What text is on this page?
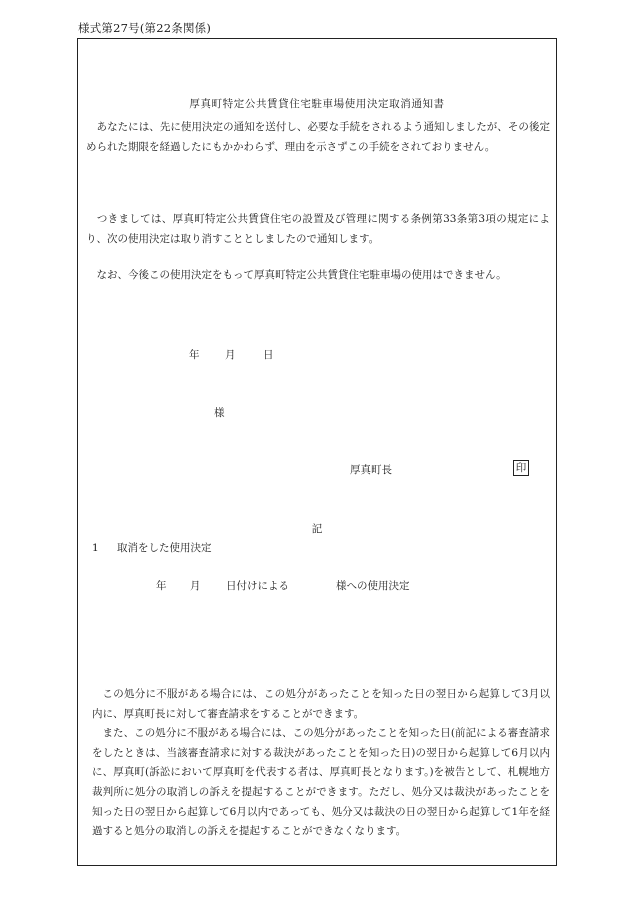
様式第27号(第22条関係)
厚真町特定公共賃貸住宅駐車場使用決定取消通知書
　あなたには、先に使用決定の通知を送付し、必要な手続をされるよう通知しましたが、その後定められた期限を経過したにもかかわらず、理由を示さずこの手続をされておりません。
　つきましては、厚真町特定公共賃貸住宅の設置及び管理に関する条例第33条第3項の規定により、次の使用決定は取り消すこととしましたので通知します。
　なお、今後この使用決定をもって厚真町特定公共賃貸住宅駐車場の使用はできません。
年 月	日
様
厚真町長	印
記
1 取消をした使用決定
年 月 日付けによる	様への使用決定

この処分に不服がある場合には、この処分があったことを知った日の翌日から起算して3月以内に、厚真町長に対して審査請求をすることができます。

また、この処分に不服がある場合には、この処分があったことを知った日(前記による審査請求をしたときは、当該審査請求に対する裁決があったことを知った日)の翌日から起算して6月以内に、厚真町(訴訟において厚真町を代表する者は、厚真町長となります。)を被告として、札幌地方裁判所に処分の取消しの訴えを提起することができます。ただし、処分又は裁決があったことを知った日の翌日から起算して6月以内であっても、処分又は裁決の日の翌日から起算して1年を経過すると処分の取消しの訴えを提起することができなくなります。
